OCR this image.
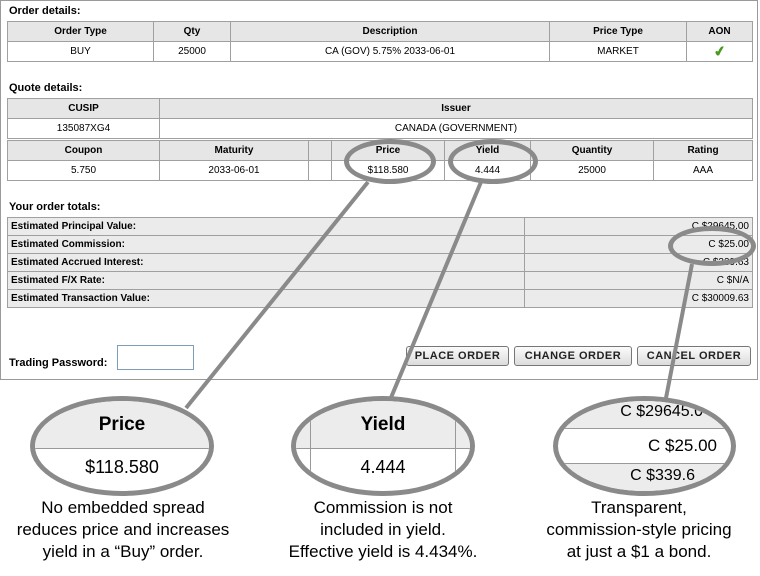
Order details:
Order Type	Qty	Description	Price Type	AON
BUY	25000	CA (GOV) 5.75% 2033-06-01	MARKET	✔
Quote details:
CUSIP	Issuer
135087XG4	CANADA (GOVERNMENT)
Coupon	Maturity		Price	Yield	Quantity	Rating
5.750	2033-06-01		$118.580	4.444	25000	AAA
Your order totals:
Estimated Principal Value:	C $29645.00
Estimated Commission:	C $25.00
Estimated Accrued Interest:	C $339.63
Estimated F/X Rate:	C $N/A
Estimated Transaction Value:	C $30009.63
Trading Password:
PLACE ORDER	CHANGE ORDER	CANCEL ORDER
Price
$118.580
Yield
4.444
C $29645.0
C $25.00
C $339.6
No embedded spread
reduces price and increases
yield in a “Buy” order.
Commission is not
included in yield.
Effective yield is 4.434%.
Transparent,
commission-style pricing
at just a $1 a bond.
